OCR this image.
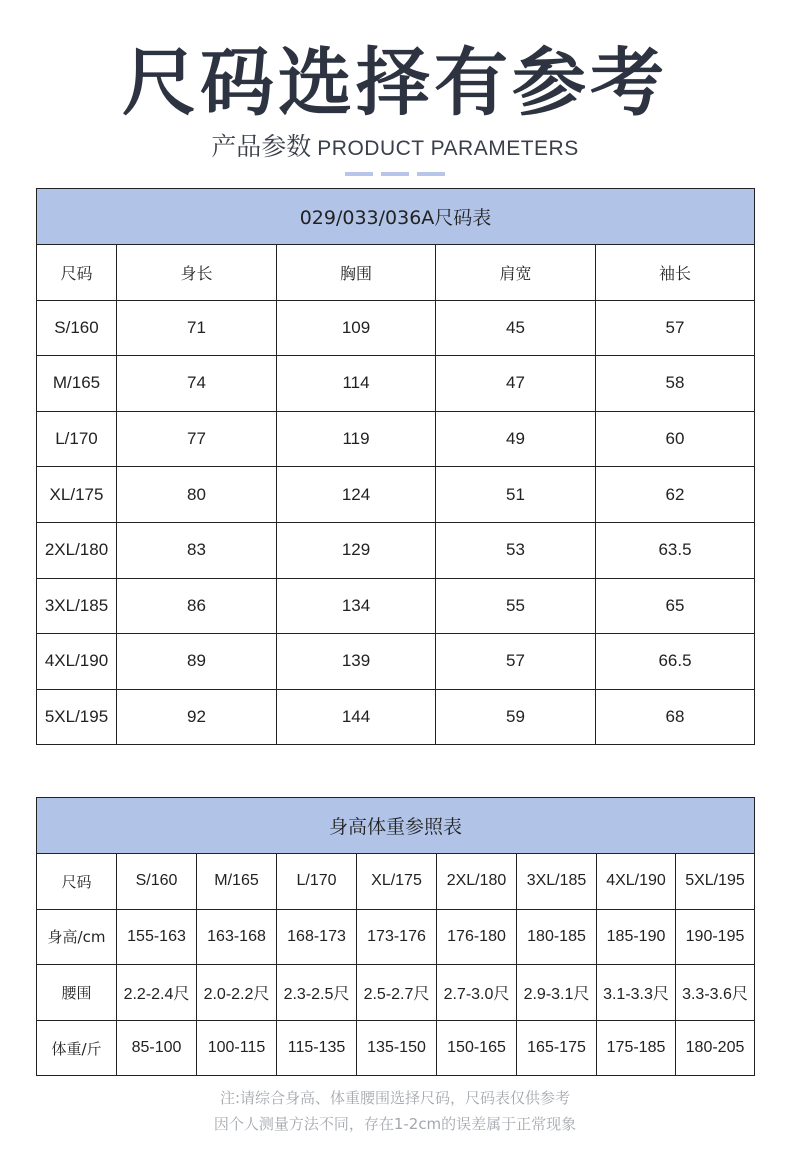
尺码选择有参考
产品参数 PRODUCT PARAMETERS
029/033/036A尺码表				
尺码	身长	胸围	肩宽	袖长
S/160	71	109	45	57
M/165	74	114	47	58
L/170	77	119	49	60
XL/175	80	124	51	62
2XL/180	83	129	53	63.5
3XL/185	86	134	55	65
4XL/190	89	139	57	66.5
5XL/195	92	144	59	68
身高体重参照表								
尺码	S/160	M/165	L/170	XL/175	2XL/180	3XL/185	4XL/190	5XL/195
身高/cm	155-163	163-168	168-173	173-176	176-180	180-185	185-190	190-195
腰围	2.2-2.4尺	2.0-2.2尺	2.3-2.5尺	2.5-2.7尺	2.7-3.0尺	2.9-3.1尺	3.1-3.3尺	3.3-3.6尺
体重/斤	85-100	100-115	115-135	135-150	150-165	165-175	175-185	180-205
注:请综合身高、体重腰围选择尺码，尺码表仅供参考
因个人测量方法不同，存在1-2cm的误差属于正常现象
